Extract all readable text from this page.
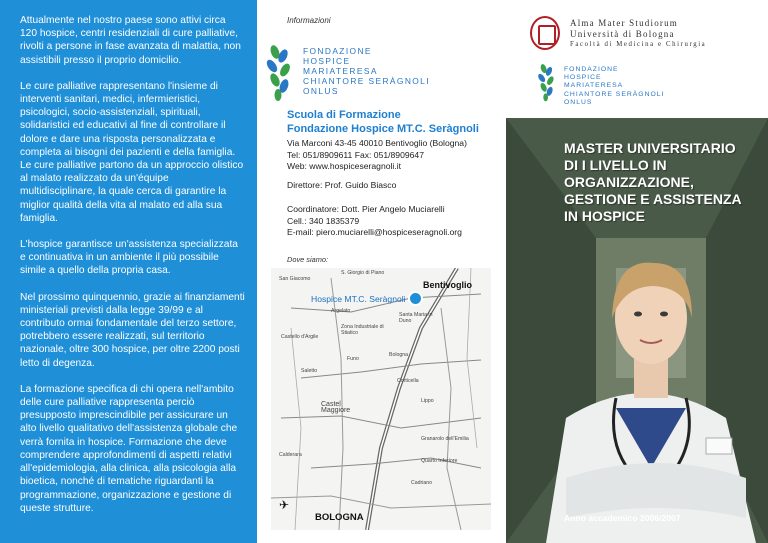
Attualmente nel nostro paese sono attivi circa 120 hospice, centri residenziali di cure palliative, rivolti a persone in fase avanzata di malattia, non assistibili presso il proprio domicilio.

Le cure palliative rappresentano l'insieme di interventi sanitari, medici, infermieristici, psicologici, socio-assistenziali, spirituali, solidaristici ed educativi al fine di controllare il dolore e dare una risposta personalizzata e completa ai bisogni dei pazienti e della famiglia. Le cure palliative partono da un approccio olistico al malato realizzato da un'équipe multidisciplinare, la quale cerca di garantire la miglior qualità della vita al malato ed alla sua famiglia.

L'hospice garantisce un'assistenza specializzata e continuativa in un ambiente il più possibile simile a quello della propria casa.

Nel prossimo quinquennio, grazie ai finanziamenti ministeriali previsti dalla legge 39/99 e al contributo ormai fondamentale del terzo settore, potrebbero essere realizzati, sul territorio nazionale, oltre 300 hospice, per oltre 2200 posti letto di degenza.

La formazione specifica di chi opera nell'ambito delle cure palliative rappresenta perciò presupposto imprescindibile per assicurare un alto livello qualitativo dell'assistenza globale che verrà fornita in hospice. Formazione che deve comprendere approfondimenti di aspetti relativi all'epidemiologia, alla clinica, alla psicologia alla bioetica, nonché di tematiche riguardanti la programmazione, organizzazione e gestione di queste strutture.

Informazioni
FONDAZIONE
HOSPICE
MARIATERESA
CHIANTORE SERÀGNOLI
ONLUS
Scuola di Formazione
Fondazione Hospice MT.C. Seràgnoli
Via Marconi 43-45 40010 Bentivoglio (Bologna)
Tel: 051/8909611 Fax: 051/8909647
Web: www.hospiceseragnoli.it
Direttore: Prof. Guido Biasco
Coordinatore: Dott. Pier Angelo Muciarelli
Cell.: 340 1835379
E-mail: piero.muciarelli@hospiceseragnoli.org
Dove siamo:
S. Giorgio di Piano
San Giacomo
Argelato
Zona Industriale di Stiatico
Castello d'Argile
Santa Maria in Duno
Funo
Bologna
Saletto
Castel Maggiore
Corticella
Granarolo dell'Emilia
Lippo
Cadriano
Calderara
Quarto Inferiore
Bentivoglio
Hospice MT.C. Seràgnoli
✈
BOLOGNA
Alma Mater Studiorum
Università di Bologna
Facoltà di Medicina e Chirurgia
FONDAZIONE
HOSPICE
MARIATERESA
CHIANTORE SERÀGNOLI
ONLUS
MASTER UNIVERSITARIO
DI I LIVELLO IN
ORGANIZZAZIONE,
GESTIONE E ASSISTENZA
IN HOSPICE
Anno accademico 2006/2007
